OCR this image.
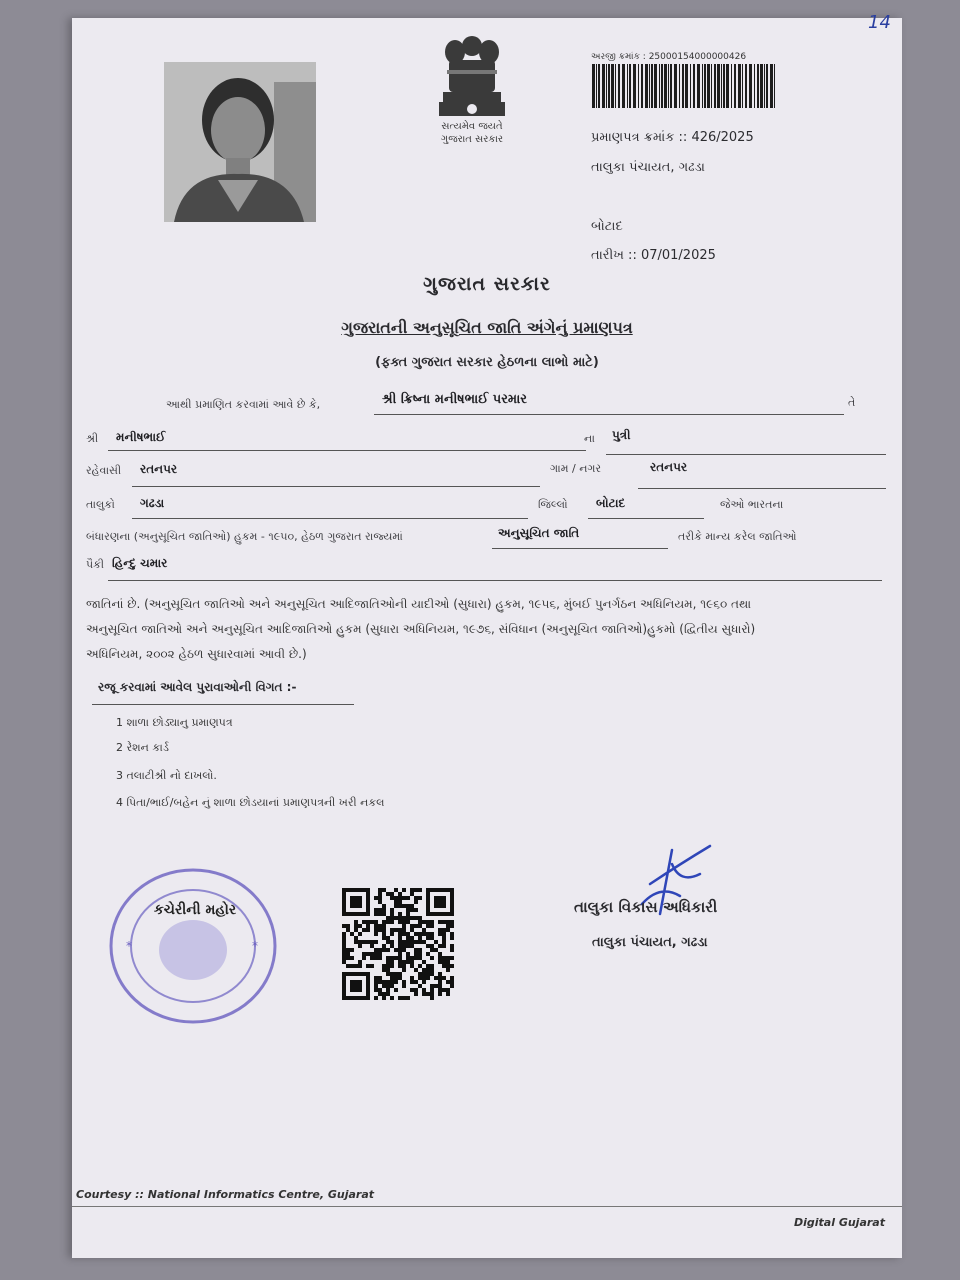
14
સત્યમેવ જયતે
ગુજરાત સરકાર
અરજી ક્રમાંક : 25000154000000426
પ્રમાણપત્ર ક્રમાંક :: 426/2025
તાલુકા પંચાયત, ગઢડા
બોટાદ
તારીખ :: 07/01/2025
ગુજરાત સરકાર
ગુજરાતની અનુસૂચિત જાતિ અંગેનું પ્રમાણપત્ર
(ફક્ત ગુજરાત સરકાર હેઠળના લાભો માટે)
આથી પ્રમાણિત કરવામાં આવે છે કે,	શ્રી ક્રિષ્ના મનીષભાઈ પરમાર	તે
શ્રી મનીષભાઈ	ના પુત્રી
રહેવાસી રતનપર	ગામ / નગર	રતનપર
તાલુકો ગઢડા	જિલ્લો બોટાદ	જેઓ ભારતના
બંધારણના (અનુસૂચિત જાતિઓ) હુકમ - ૧૯૫૦, હેઠળ ગુજરાત રાજ્યમાં	અનુસૂચિત જાતિ	તરીકે માન્ય કરેલ જાતિઓ
પૈકી હિન્દુ ચમાર
જાતિનાં છે. (અનુસૂચિત જાતિઓ અને અનુસૂચિત આદિજાતિઓની યાદીઓ (સુધારા) હુકમ, ૧૯૫૬, મુંબઈ પુનર્ગઠન અધિનિયમ, ૧૯૬૦ તથા
અનુસૂચિત જાતિઓ અને અનુસૂચિત આદિજાતિઓ હુકમ (સુધારા અધિનિયમ, ૧૯૭૬, સંવિધાન (અનુસૂચિત જાતિઓ)હુકમો (દ્વિતીય સુધારો)
અધિનિયમ, ૨૦૦૨ હેઠળ સુધારવામાં આવી છે.)
રજૂ કરવામાં આવેલ પુરાવાઓની વિગત :-
1 શાળા છોડ્યાનુ પ્રમાણપત્ર
2 રેશન કાર્ડ
3 તલાટીશ્રી નો દાખલો.
4 પિતા/ભાઈ/બહેન નું શાળા છોડયાનાં પ્રમાણપત્રની ખરી નકલ
*	*
કચેરીની મહોર	તાલુકા વિકાસ અધિકારી
તાલુકા પંચાયત, ગઢડા
Courtesy :: National Informatics Centre, Gujarat
Digital Gujarat
